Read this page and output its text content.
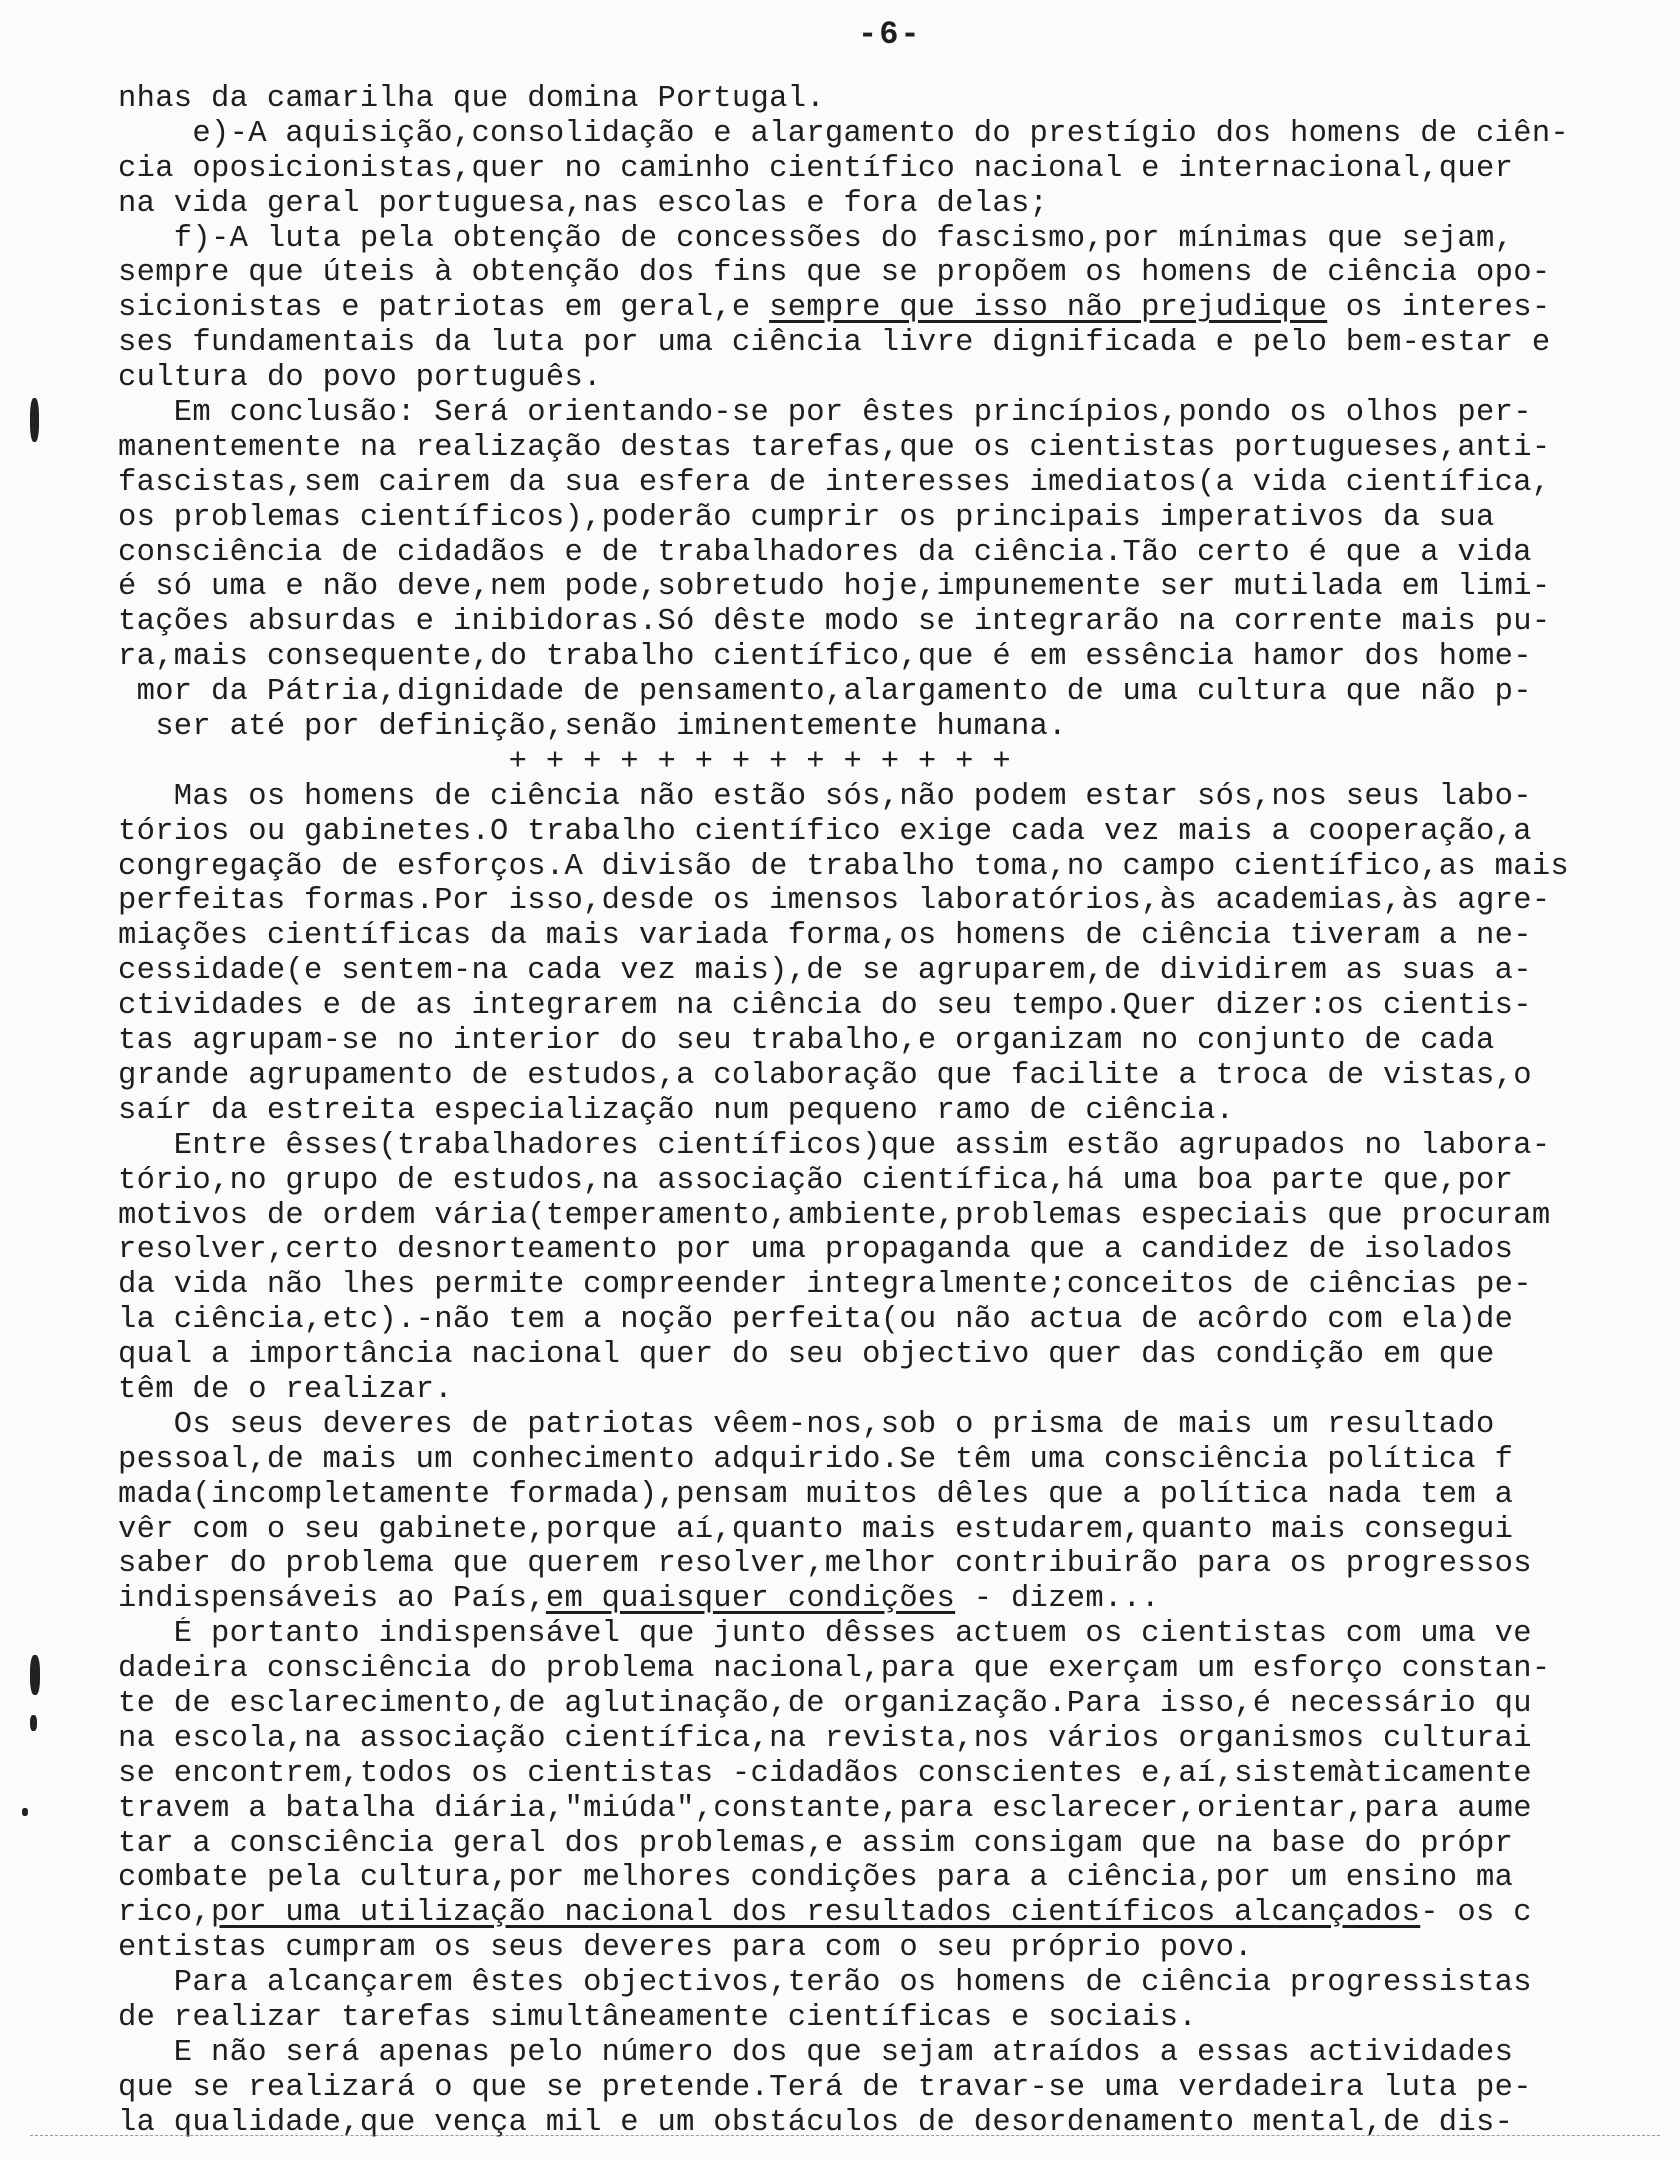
-6-
nhas da camarilha que domina Portugal.
e)-A aquisição,consolidação e alargamento do prestígio dos homens de ciên-
cia oposicionistas,quer no caminho científico nacional e internacional,quer
na vida geral portuguesa,nas escolas e fora delas;
f)-A luta pela obtenção de concessões do fascismo,por mínimas que sejam,
sempre que úteis à obtenção dos fins que se propõem os homens de ciência opo-
sicionistas e patriotas em geral,e sempre que isso não prejudique os interes-
ses fundamentais da luta por uma ciência livre dignificada e pelo bem-estar e
cultura do povo português.
Em conclusão: Será orientando-se por êstes princípios,pondo os olhos per-
manentemente na realização destas tarefas,que os cientistas portugueses,anti-
fascistas,sem cairem da sua esfera de interesses imediatos(a vida científica,
os problemas científicos),poderão cumprir os principais imperativos da sua
consciência de cidadãos e de trabalhadores da ciência.Tão certo é que a vida
é só uma e não deve,nem pode,sobretudo hoje,impunemente ser mutilada em limi-
tações absurdas e inibidoras.Só dêste modo se integrarão na corrente mais pu-
ra,mais consequente,do trabalho científico,que é em essência hamor dos home-
mor da Pátria,dignidade de pensamento,alargamento de uma cultura que não p-
ser até por definição,senão iminentemente humana.
+ + + + + + + + + + + + + +
Mas os homens de ciência não estão sós,não podem estar sós,nos seus labo-
tórios ou gabinetes.O trabalho científico exige cada vez mais a cooperação,a
congregação de esforços.A divisão de trabalho toma,no campo científico,as mais
perfeitas formas.Por isso,desde os imensos laboratórios,às academias,às agre-
miações científicas da mais variada forma,os homens de ciência tiveram a ne-
cessidade(e sentem-na cada vez mais),de se agruparem,de dividirem as suas a-
ctividades e de as integrarem na ciência do seu tempo.Quer dizer:os cientis-
tas agrupam-se no interior do seu trabalho,e organizam no conjunto de cada
grande agrupamento de estudos,a colaboração que facilite a troca de vistas,o
saír da estreita especialização num pequeno ramo de ciência.
Entre êsses(trabalhadores científicos)que assim estão agrupados no labora-
tório,no grupo de estudos,na associação científica,há uma boa parte que,por
motivos de ordem vária(temperamento,ambiente,problemas especiais que procuram
resolver,certo desnorteamento por uma propaganda que a candidez de isolados
da vida não lhes permite compreender integralmente;conceitos de ciências pe-
la ciência,etc).-não tem a noção perfeita(ou não actua de acôrdo com ela)de
qual a importância nacional quer do seu objectivo quer das condição em que
têm de o realizar.
Os seus deveres de patriotas vêem-nos,sob o prisma de mais um resultado
pessoal,de mais um conhecimento adquirido.Se têm uma consciência política f
mada(incompletamente formada),pensam muitos dêles que a política nada tem a
vêr com o seu gabinete,porque aí,quanto mais estudarem,quanto mais consegui
saber do problema que querem resolver,melhor contribuirão para os progressos
indispensáveis ao País,em quaisquer condições - dizem...
É portanto indispensável que junto dêsses actuem os cientistas com uma ve
dadeira consciência do problema nacional,para que exerçam um esforço constan-
te de esclarecimento,de aglutinação,de organização.Para isso,é necessário qu
na escola,na associação científica,na revista,nos vários organismos culturai
se encontrem,todos os cientistas -cidadãos conscientes e,aí,sistemàticamente
travem a batalha diária,"miúda",constante,para esclarecer,orientar,para aume
tar a consciência geral dos problemas,e assim consigam que na base do própr
combate pela cultura,por melhores condições para a ciência,por um ensino ma
rico,por uma utilização nacional dos resultados científicos alcançados- os c
entistas cumpram os seus deveres para com o seu próprio povo.
Para alcançarem êstes objectivos,terão os homens de ciência progressistas
de realizar tarefas simultâneamente científicas e sociais.
E não será apenas pelo número dos que sejam atraídos a essas actividades
que se realizará o que se pretende.Terá de travar-se uma verdadeira luta pe-
la qualidade,que vença mil e um obstáculos de desordenamento mental,de dis-
